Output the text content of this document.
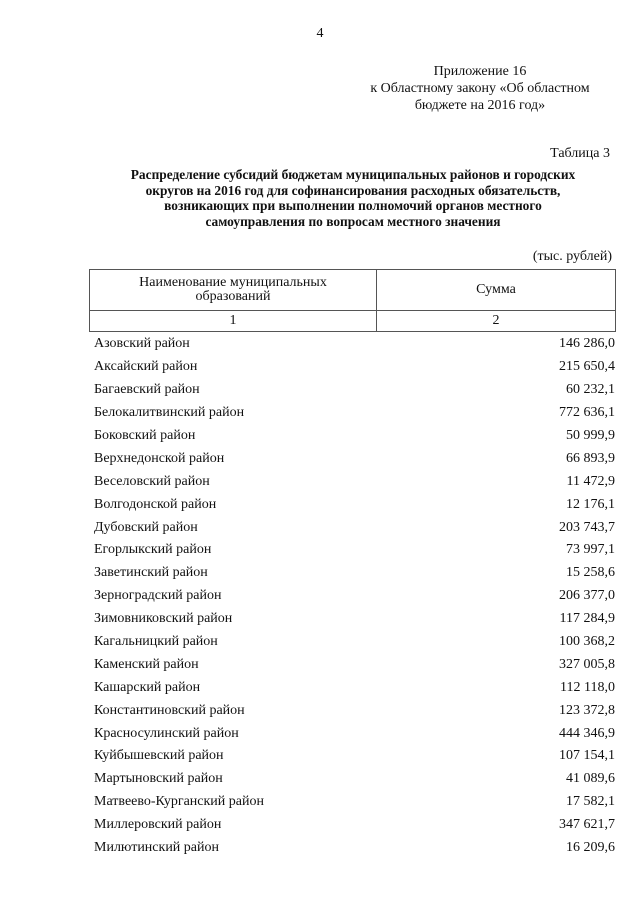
4
Приложение 16
к Областному закону «Об областном
бюджете на 2016 год»
Таблица 3
Распределение субсидий бюджетам муниципальных районов и городских
округов на 2016 год для софинансирования расходных обязательств,
возникающих при выполнении полномочий органов местного
самоуправления по вопросам местного значения
(тыс. рублей)
Наименование муниципальных
образований	Сумма
1	2
Азовский район	146 286,0
Аксайский район	215 650,4
Багаевский район	60 232,1
Белокалитвинский район	772 636,1
Боковский район	50 999,9
Верхнедонской район	66 893,9
Веселовский район	11 472,9
Волгодонской район	12 176,1
Дубовский район	203 743,7
Егорлыкский район	73 997,1
Заветинский район	15 258,6
Зерноградский район	206 377,0
Зимовниковский район	117 284,9
Кагальницкий район	100 368,2
Каменский район	327 005,8
Кашарский район	112 118,0
Константиновский район	123 372,8
Красносулинский район	444 346,9
Куйбышевский район	107 154,1
Мартыновский район	41 089,6
Матвеево-Курганский район	17 582,1
Миллеровский район	347 621,7
Милютинский район	16 209,6
